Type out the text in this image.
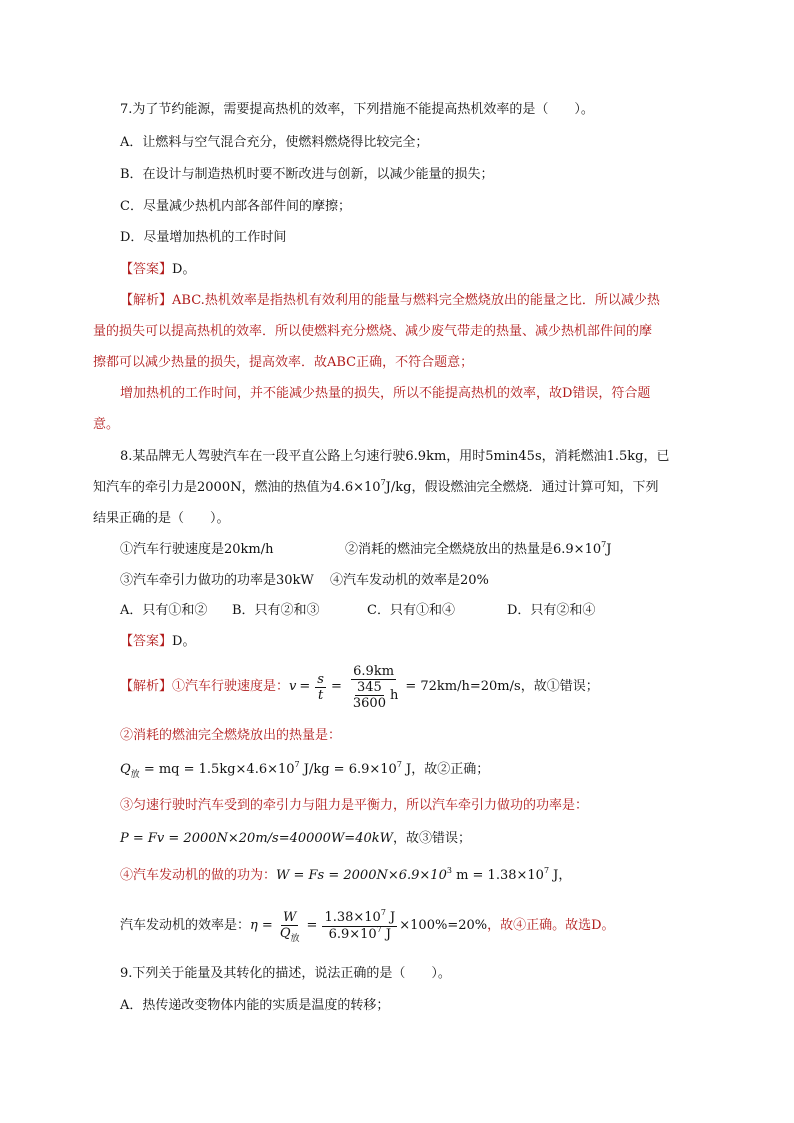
7.为了节约能源，需要提高热机的效率，下列措施不能提高热机效率的是（　　）。
A．让燃料与空气混合充分，使燃料燃烧得比较完全；
B．在设计与制造热机时要不断改进与创新，以减少能量的损失；
C．尽量减少热机内部各部件间的摩擦；
D．尽量增加热机的工作时间
【答案】D。
【解析】ABC.热机效率是指热机有效利用的能量与燃料完全燃烧放出的能量之比．所以减少热
量的损失可以提高热机的效率．所以使燃料充分燃烧、减少废气带走的热量、减少热机部件间的摩
擦都可以减少热量的损失，提高效率．故ABC正确，不符合题意；
增加热机的工作时间，并不能减少热量的损失，所以不能提高热机的效率，故D错误，符合题
意。
8.某品牌无人驾驶汽车在一段平直公路上匀速行驶6.9km，用时5min45s，消耗燃油1.5kg，已
知汽车的牵引力是2000N，燃油的热值为$4.6\times 10^7J/kg$，假设燃油完全燃烧．通过计算可知，下列
结果正确的是（　　）。
①汽车行驶速度是20km/h	②消耗的燃油完全燃烧放出的热量是$6.9\times 10^7J$
③汽车牵引力做功的功率是30kW ④汽车发动机的效率是20%
A．只有①和② B．只有②和③	C．只有①和④	D．只有②和④
【答案】D。
【解析】 ①汽车行驶速度是： $v = \frac{s}{t} = \frac{6.9km}{\frac{345}{3600} h} = 72km/h=20m/s$ ，故①错误；
②消耗的燃油完全燃烧放出的热量是：
$Q_放$ = mq = $1.5kg\times 4.6\times 10^7$ $J/kg = 6.9\times 10^7$ J，故②正确；
③匀速行驶时汽车受到的牵引力与阻力是平衡力，所以汽车牵引力做功的功率是：
P = Fv = 2000N×20m/s=40000W=40kW，故③错误；
④汽车发动机的做的功为：$W = Fs = 2000N\times 6.9\times 10^3$ $m = 1.38\times 10^7$ J，
汽车发动机的效率是： $\eta = \frac{W}{Q_放} = \frac{1.38\times 10^7 J}{6.9\times 10^7 J} \times 100\%=20\%$ ，故④正确。故选D。
9.下列关于能量及其转化的描述，说法正确的是（　　）。
A．热传递改变物体内能的实质是温度的转移；
